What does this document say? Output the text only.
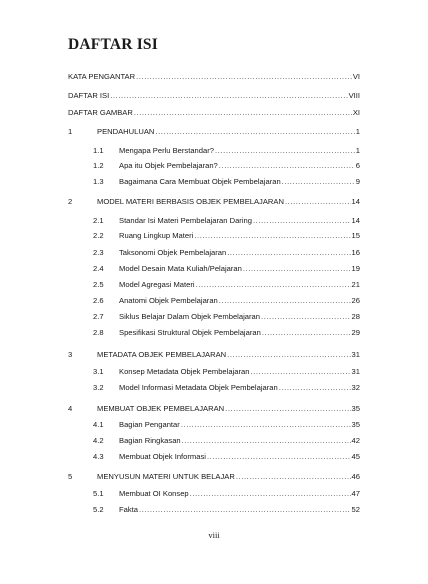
DAFTAR ISI
KATA PENGANTAR .....	VI
DAFTAR ISI .....	VIII
DAFTAR GAMBAR .....	XI
1	PENDAHULUAN .....	1
1.1 Mengapa Perlu Berstandar? .....	1
1.2 Apa itu Objek Pembelajaran? .....	6
1.3 Bagaimana Cara Membuat Objek Pembelajaran .....	9
2	MODEL MATERI BERBASIS OBJEK PEMBELAJARAN .....	14
2.1 Standar Isi Materi Pembelajaran Daring .....	14
2.2 Ruang Lingkup Materi .....	15
2.3 Taksonomi Objek Pembelajaran .....	16
2.4 Model Desain Mata Kuliah/Pelajaran .....	19
2.5 Model Agregasi Materi .....	21
2.6 Anatomi Objek Pembelajaran .....	26
2.7 Siklus Belajar Dalam Objek Pembelajaran .....	28
2.8 Spesifikasi Struktural Objek Pembelajaran .....	29
3	METADATA OBJEK PEMBELAJARAN .....	31
3.1 Konsep Metadata Objek Pembelajaran .....	31
3.2 Model Informasi Metadata Objek Pembelajaran .....	32
4	MEMBUAT OBJEK PEMBELAJARAN .....	35
4.1 Bagian Pengantar .....	35
4.2 Bagian Ringkasan .....	42
4.3 Membuat Objek Informasi .....	45
5	MENYUSUN MATERI UNTUK BELAJAR .....	46
5.1 Membuat OI Konsep .....	47
5.2 Fakta .....	52
viii
